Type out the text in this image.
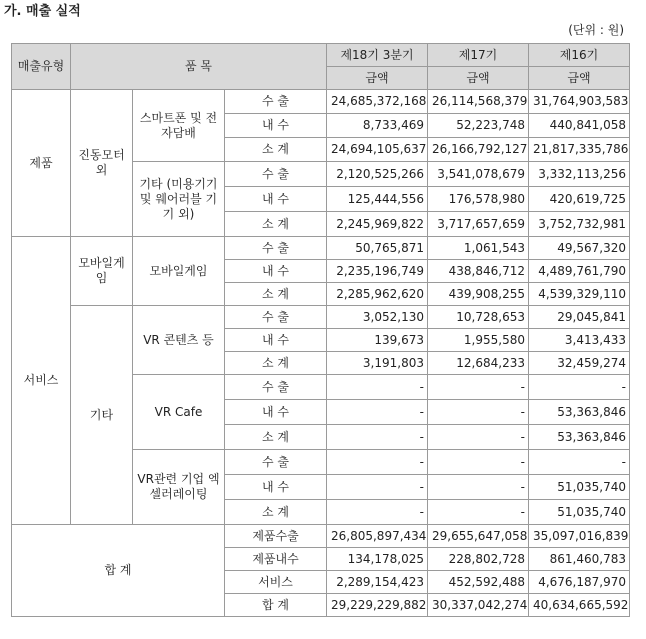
가. 매출 실적
(단위 : 원)
매출유형	품 목			제18기 3분기	제17기	제16기
				금액	금액	금액
제품	진동모터 외	스마트폰 및 전자담배	수 출	24,685,372,168	26,114,568,379	31,764,903,583
			내 수	8,733,469	52,223,748	440,841,058
			소 계	24,694,105,637	26,166,792,127	21,817,335,786
		기타 (미용기기 및 웨어러블 기기 외)	수 출	2,120,525,266	3,541,078,679	3,332,113,256
			내 수	125,444,556	176,578,980	420,619,725
			소 계	2,245,969,822	3,717,657,659	3,752,732,981
서비스	모바일게임	모바일게임	수 출	50,765,871	1,061,543	49,567,320
			내 수	2,235,196,749	438,846,712	4,489,761,790
			소 계	2,285,962,620	439,908,255	4,539,329,110
	기타	VR 콘텐츠 등	수 출	3,052,130	10,728,653	29,045,841
			내 수	139,673	1,955,580	3,413,433
			소 계	3,191,803	12,684,233	32,459,274
		VR Cafe	수 출	-	-	-
			내 수	-	-	53,363,846
			소 계	-	-	53,363,846
		VR관련 기업 엑셀러레이팅	수 출	-	-	-
			내 수	-	-	51,035,740
			소 계	-	-	51,035,740
합 계			제품수출	26,805,897,434	29,655,647,058	35,097,016,839
			제품내수	134,178,025	228,802,728	861,460,783
			서비스	2,289,154,423	452,592,488	4,676,187,970
			합 계	29,229,229,882	30,337,042,274	40,634,665,592
